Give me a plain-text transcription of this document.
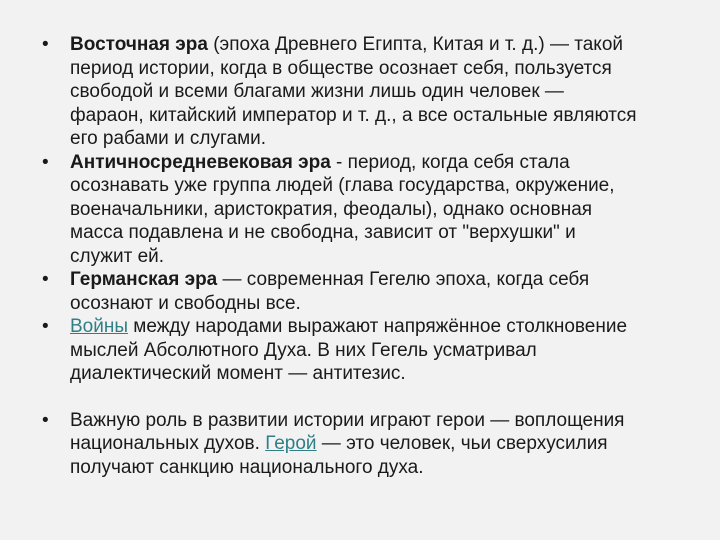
• Восточная эра (эпоха Древнего Египта, Китая и т. д.) — такой период истории, когда в обществе осознает себя, пользуется свободой и всеми благами жизни лишь один человек — фараон, китайский император и т. д., а все остальные являются его рабами и слугами.
• Античносредневековая эра - период, когда себя стала осознавать уже группа людей (глава государства, окружение, военачальники, аристократия, феодалы), однако основная масса подавлена и не свободна, зависит от "верхушки" и служит ей.
• Германская эра — современная Гегелю эпоха, когда себя осознают и свободны все.
• Войны между народами выражают напряжённое столкновение мыслей Абсолютного Духа. В них Гегель усматривал диалектический момент — антитезис.
• Важную роль в развитии истории играют герои — воплощения национальных духов. Герой — это человек, чьи сверхусилия получают санкцию национального духа.
